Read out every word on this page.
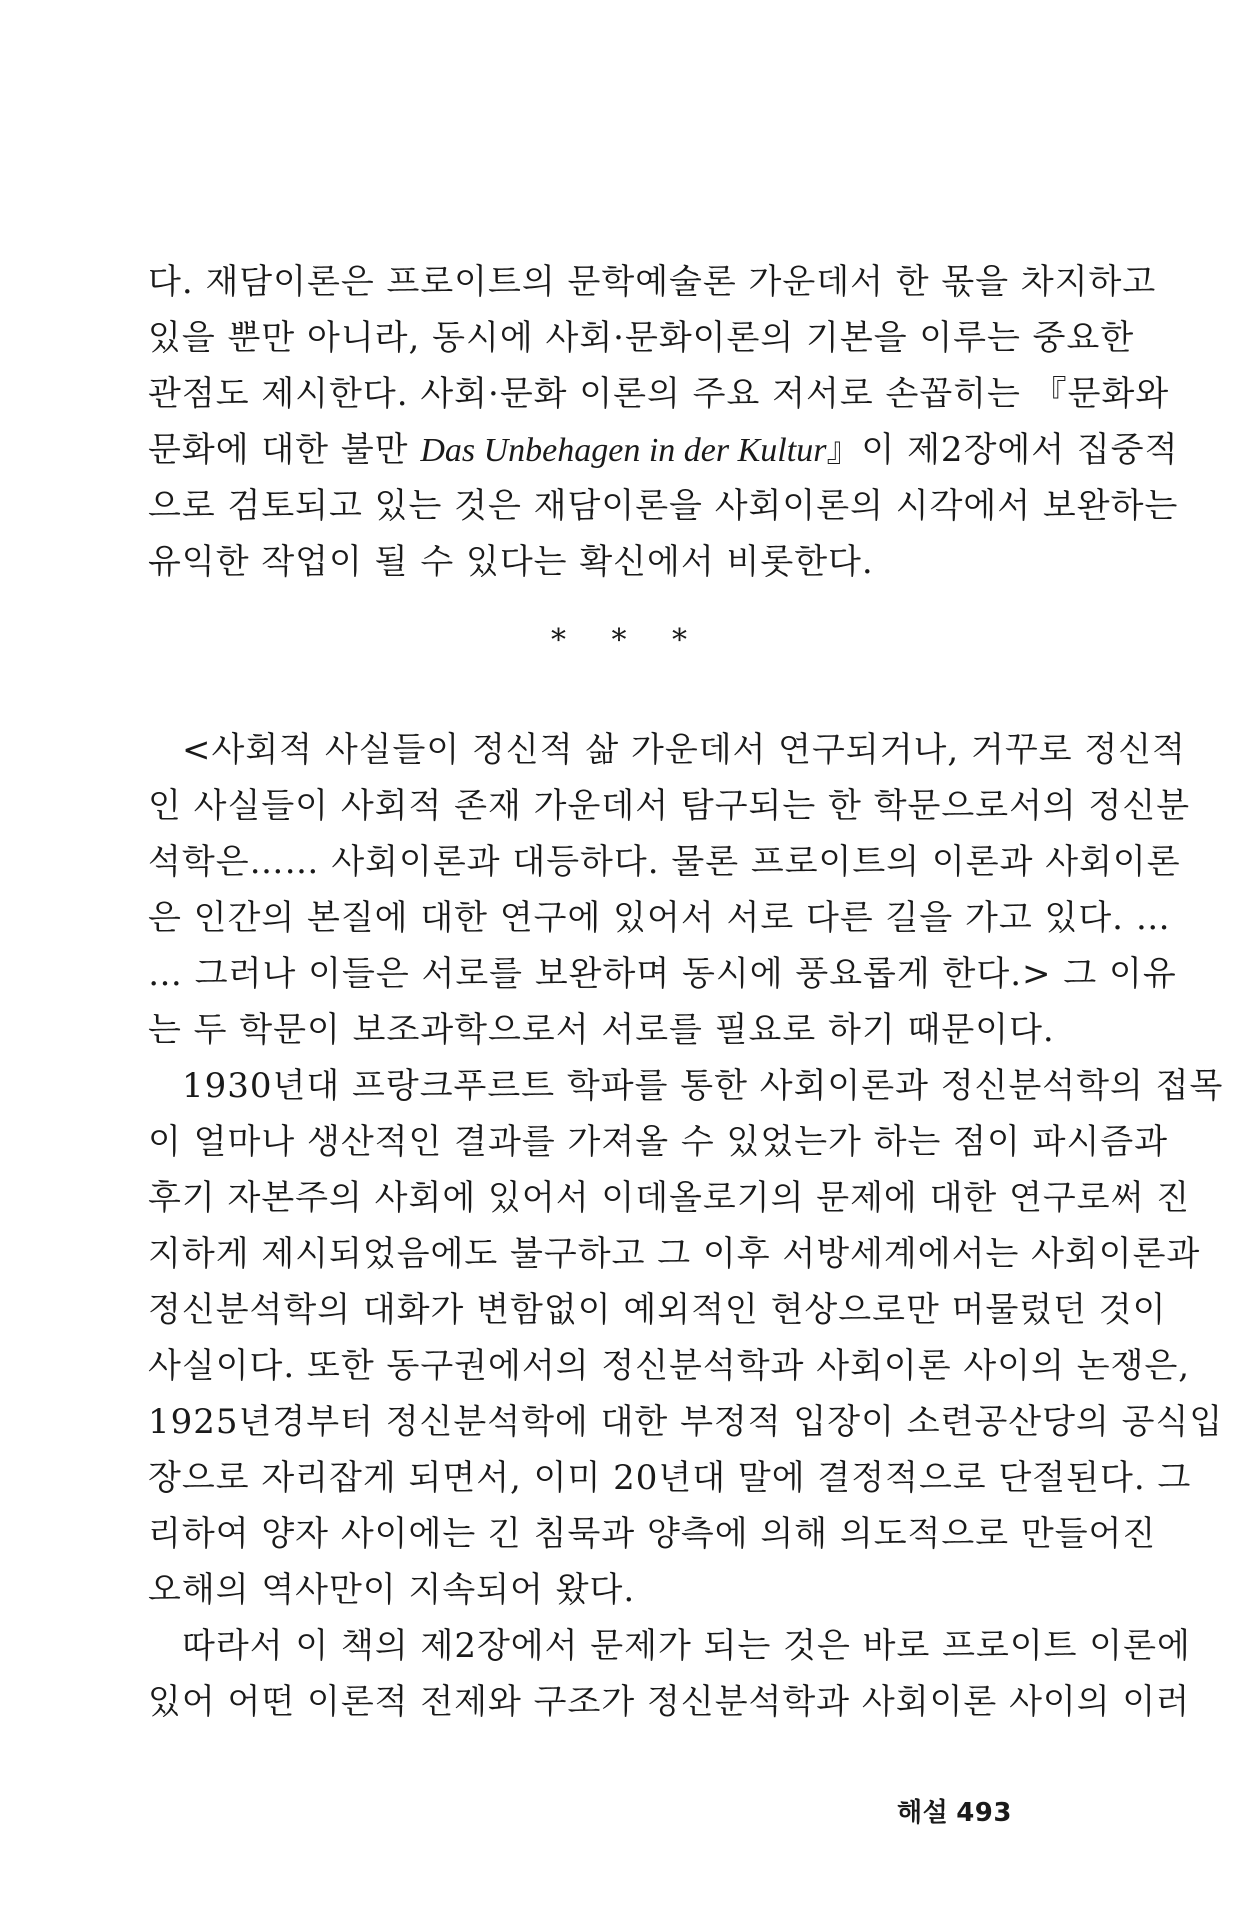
다. 재담이론은 프로이트의 문학예술론 가운데서 한 몫을 차지하고
있을 뿐만 아니라, 동시에 사회·문화이론의 기본을 이루는 중요한
관점도 제시한다. 사회·문화 이론의 주요 저서로 손꼽히는 『문화와
문화에 대한 불만 Das Unbehagen in der Kultur』이 제2장에서 집중적
으로 검토되고 있는 것은 재담이론을 사회이론의 시각에서 보완하는
유익한 작업이 될 수 있다는 확신에서 비롯한다.
* * *
<사회적 사실들이 정신적 삶 가운데서 연구되거나, 거꾸로 정신적
인 사실들이 사회적 존재 가운데서 탐구되는 한 학문으로서의 정신분
석학은…… 사회이론과 대등하다. 물론 프로이트의 이론과 사회이론
은 인간의 본질에 대한 연구에 있어서 서로 다른 길을 가고 있다. …
… 그러나 이들은 서로를 보완하며 동시에 풍요롭게 한다.> 그 이유
는 두 학문이 보조과학으로서 서로를 필요로 하기 때문이다.
1930년대 프랑크푸르트 학파를 통한 사회이론과 정신분석학의 접목
이 얼마나 생산적인 결과를 가져올 수 있었는가 하는 점이 파시즘과
후기 자본주의 사회에 있어서 이데올로기의 문제에 대한 연구로써 진
지하게 제시되었음에도 불구하고 그 이후 서방세계에서는 사회이론과
정신분석학의 대화가 변함없이 예외적인 현상으로만 머물렀던 것이
사실이다. 또한 동구권에서의 정신분석학과 사회이론 사이의 논쟁은,
1925년경부터 정신분석학에 대한 부정적 입장이 소련공산당의 공식입
장으로 자리잡게 되면서, 이미 20년대 말에 결정적으로 단절된다. 그
리하여 양자 사이에는 긴 침묵과 양측에 의해 의도적으로 만들어진
오해의 역사만이 지속되어 왔다.
따라서 이 책의 제2장에서 문제가 되는 것은 바로 프로이트 이론에
있어 어떤 이론적 전제와 구조가 정신분석학과 사회이론 사이의 이러
해설 493
